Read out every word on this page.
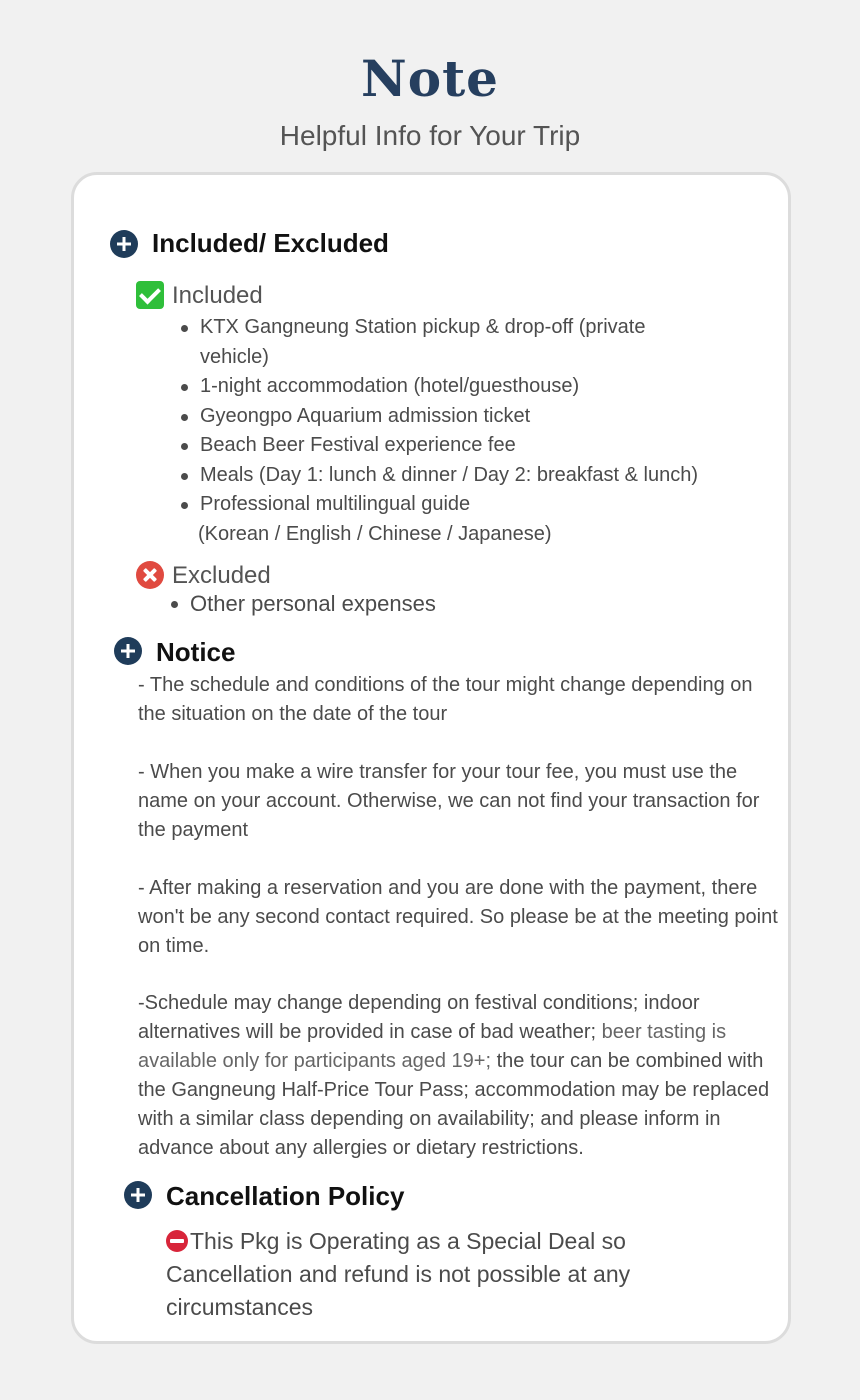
Note
Helpful Info for Your Trip
Included/ Excluded
Included
KTX Gangneung Station pickup & drop-off (private
vehicle)
1-night accommodation (hotel/guesthouse)
Gyeongpo Aquarium admission ticket
Beach Beer Festival experience fee
Meals (Day 1: lunch & dinner / Day 2: breakfast & lunch)
Professional multilingual guide
(Korean / English / Chinese / Japanese)
Excluded
Other personal expenses
Notice

- The schedule and conditions of the tour might change depending on the situation on the date of the tour

- When you make a wire transfer for your tour fee, you must use the name on your account. Otherwise, we can not find your transaction for the payment

- After making a reservation and you are done with the payment, there won't be any second contact required. So please be at the meeting point on time.

-Schedule may change depending on festival conditions; indoor alternatives will be provided in case of bad weather; beer tasting is available only for participants aged 19+; the tour can be combined with the Gangneung Half-Price Tour Pass; accommodation may be replaced with a similar class depending on availability; and please inform in advance about any allergies or dietary restrictions.

Cancellation Policy
This Pkg is Operating as a Special Deal so Cancellation and refund is not possible at any circumstances
